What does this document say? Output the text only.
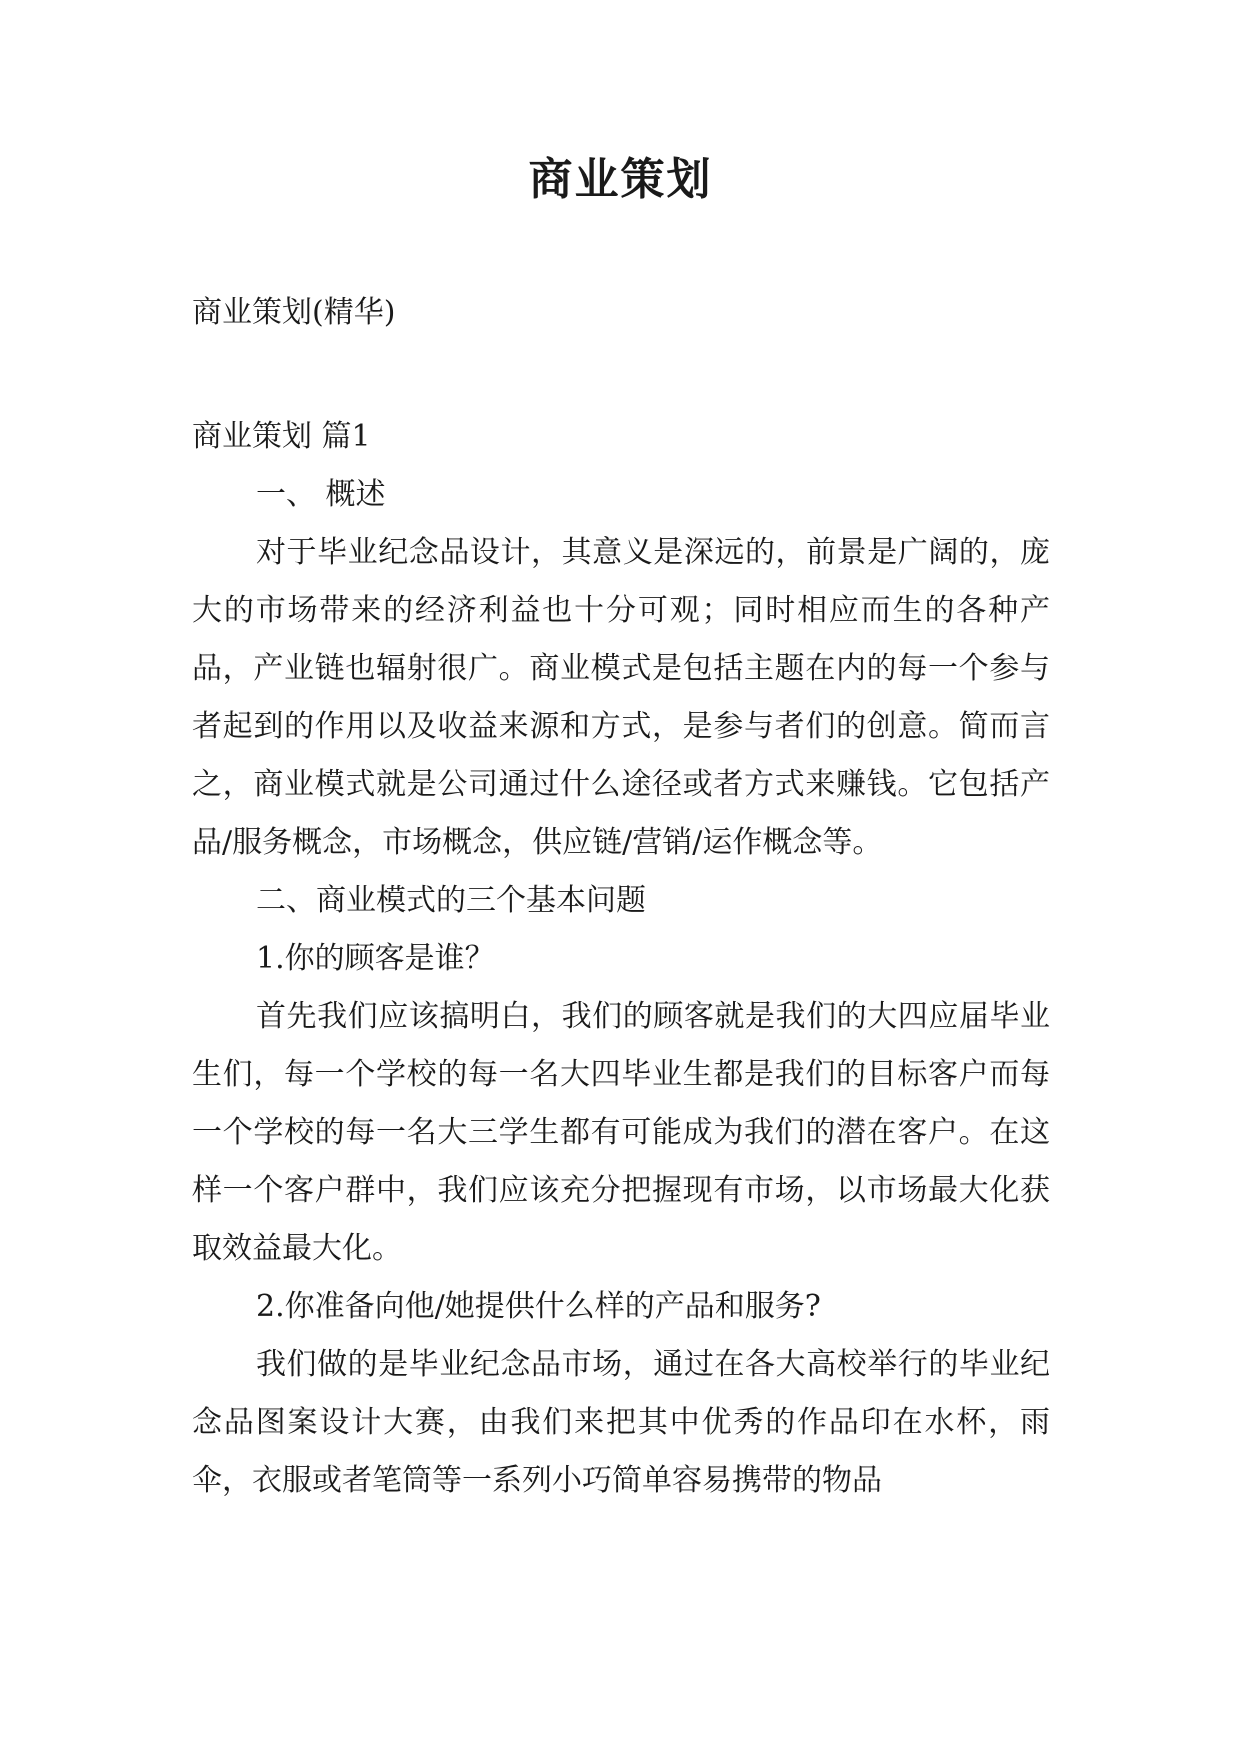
商业策划
商业策划(精华)

商业策划 篇1

一、 概述

对于毕业纪念品设计，其意义是深远的，前景是广阔的，庞大的市场带来的经济利益也十分可观；同时相应而生的各种产品，产业链也辐射很广。商业模式是包括主题在内的每一个参与者起到的作用以及收益来源和方式，是参与者们的创意。简而言之，商业模式就是公司通过什么途径或者方式来赚钱。它包括产品/服务概念，市场概念，供应链/营销/运作概念等。

二、商业模式的三个基本问题

1.你的顾客是谁？

首先我们应该搞明白，我们的顾客就是我们的大四应届毕业生们，每一个学校的每一名大四毕业生都是我们的目标客户而每一个学校的每一名大三学生都有可能成为我们的潜在客户。在这样一个客户群中，我们应该充分把握现有市场，以市场最大化获取效益最大化。

2.你准备向他/她提供什么样的产品和服务?

我们做的是毕业纪念品市场，通过在各大高校举行的毕业纪念品图案设计大赛，由我们来把其中优秀的作品印在水杯，雨伞，衣服或者笔筒等一系列小巧简单容易携带的物品
